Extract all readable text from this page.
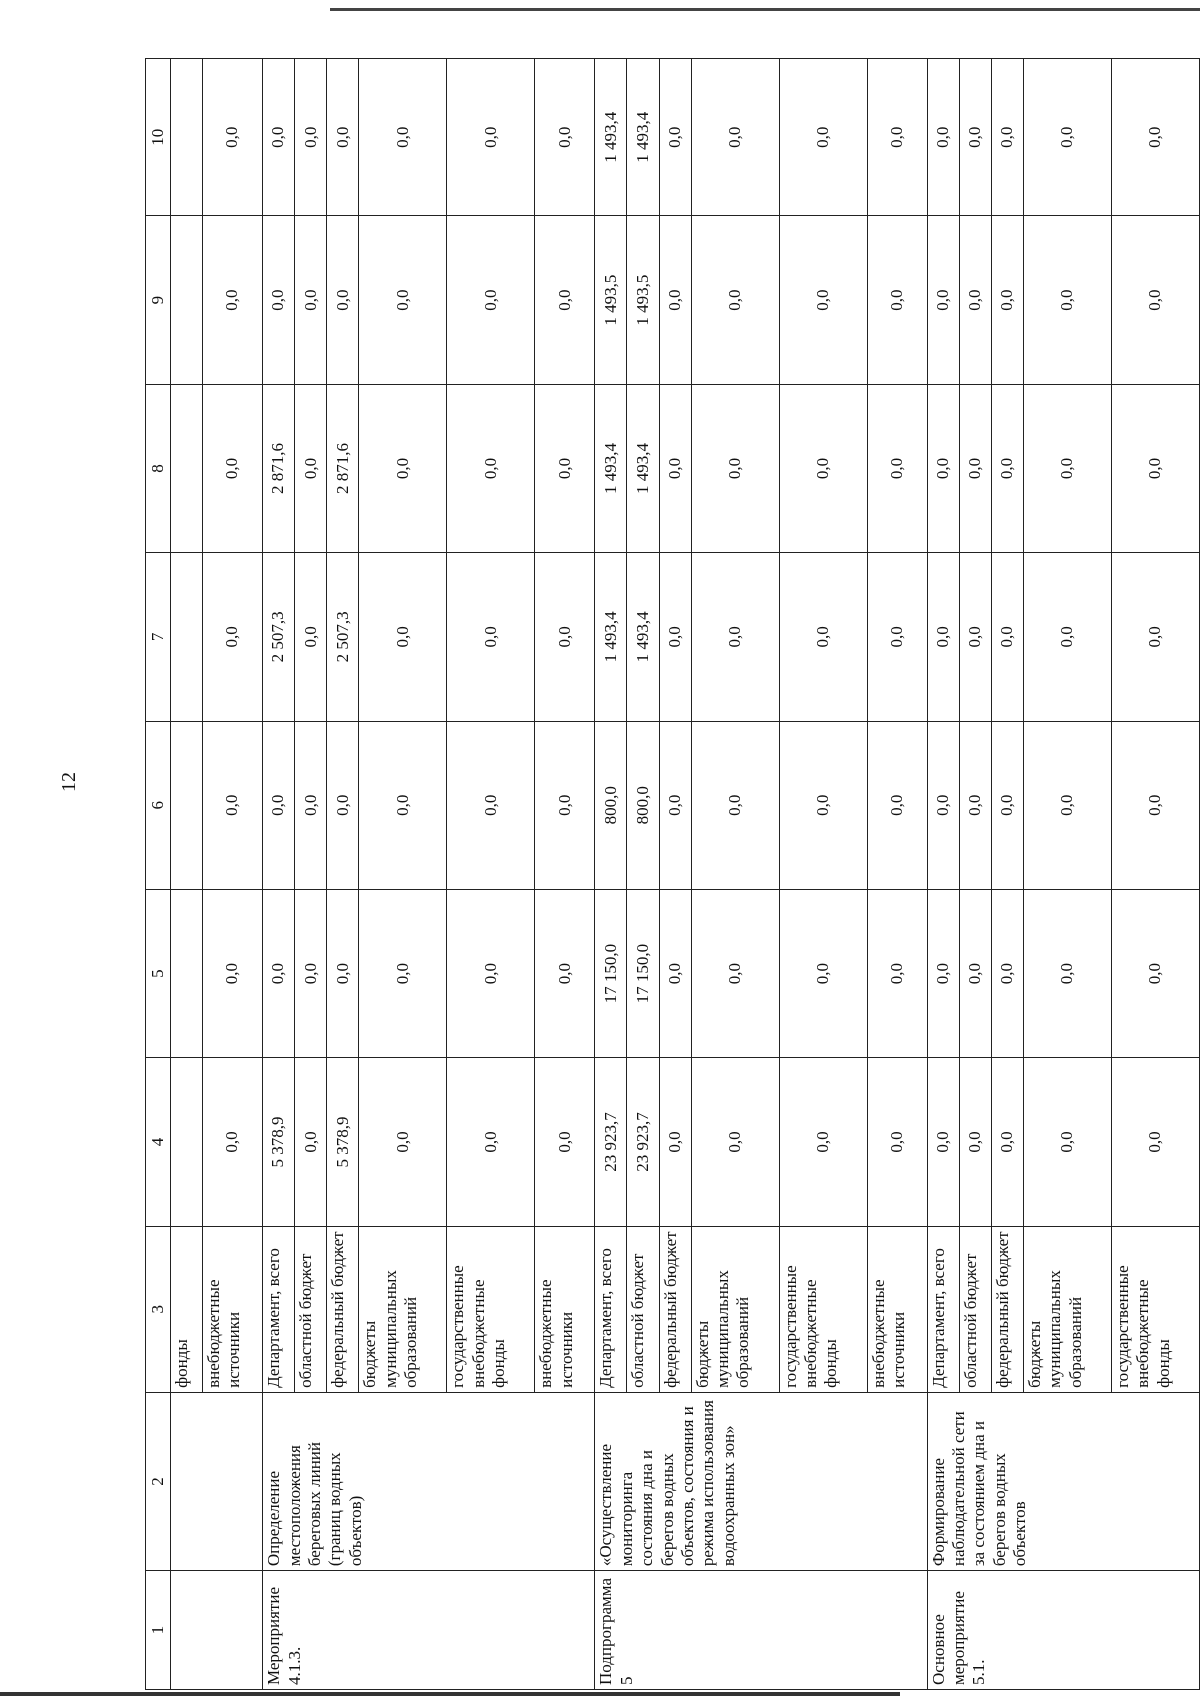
12
1	2	3	4	5	6	7	8	9	10
		фонды							
		внебюджетные источники	0,0	0,0	0,0	0,0	0,0	0,0	0,0
Мероприятие 4.1.3.	Определение местоположения береговых линий (границ водных объектов)	Департамент, всего	5 378,9	0,0	0,0	2 507,3	2 871,6	0,0	0,0
		областной бюджет	0,0	0,0	0,0	0,0	0,0	0,0	0,0
		федеральный бюджет	5 378,9	0,0	0,0	2 507,3	2 871,6	0,0	0,0
		бюджеты муниципальных образований	0,0	0,0	0,0	0,0	0,0	0,0	0,0
		государственные внебюджетные фонды	0,0	0,0	0,0	0,0	0,0	0,0	0,0
		внебюджетные источники	0,0	0,0	0,0	0,0	0,0	0,0	0,0
Подпрограмма 5	«Осуществление мониторинга состояния дна и берегов водных объектов, состояния и режима использования водоохранных зон»	Департамент, всего	23 923,7	17 150,0	800,0	1 493,4	1 493,4	1 493,5	1 493,4
		областной бюджет	23 923,7	17 150,0	800,0	1 493,4	1 493,4	1 493,5	1 493,4
		федеральный бюджет	0,0	0,0	0,0	0,0	0,0	0,0	0,0
		бюджеты муниципальных образований	0,0	0,0	0,0	0,0	0,0	0,0	0,0
		государственные внебюджетные фонды	0,0	0,0	0,0	0,0	0,0	0,0	0,0
		внебюджетные источники	0,0	0,0	0,0	0,0	0,0	0,0	0,0
Основное мероприятие 5.1.	Формирование наблюдательной сети за состоянием дна и берегов водных объектов	Департамент, всего	0,0	0,0	0,0	0,0	0,0	0,0	0,0
		областной бюджет	0,0	0,0	0,0	0,0	0,0	0,0	0,0
		федеральный бюджет	0,0	0,0	0,0	0,0	0,0	0,0	0,0
		бюджеты муниципальных образований	0,0	0,0	0,0	0,0	0,0	0,0	0,0
		государственные внебюджетные фонды	0,0	0,0	0,0	0,0	0,0	0,0	0,0
